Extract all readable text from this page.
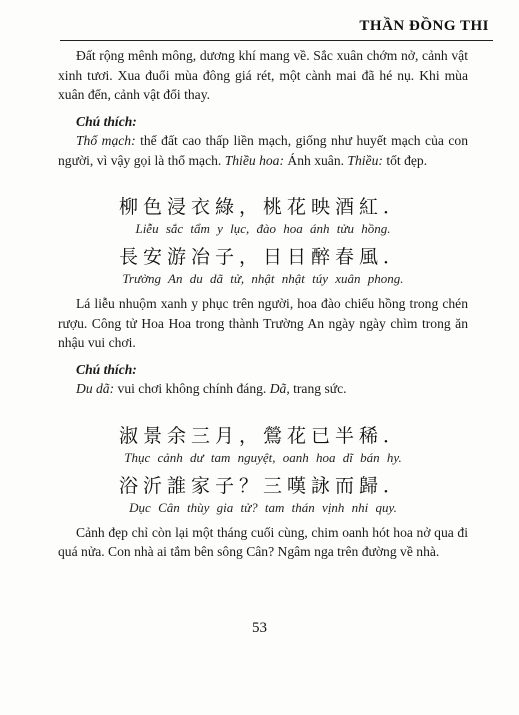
THẦN ĐỒNG THI

Đất rộng mênh mông, dương khí mang về. Sắc xuân chớm nở, cảnh vật xinh tươi. Xua đuổi mùa đông giá rét, một cành mai đã hé nụ. Khi mùa xuân đến, cảnh vật đổi thay.

Chú thích:

Thổ mạch: thế đất cao thấp liền mạch, giống như huyết mạch của con người, vì vậy gọi là thổ mạch. Thiều hoa: Ánh xuân. Thiều: tốt đẹp.

柳色浸衣綠，桃花映酒紅．
Liễu sắc tẩm y lục, đào hoa ánh tửu hồng.
長安游冶子，日日醉春風．
Trường An du dã tử, nhật nhật túy xuân phong.

Lá liễu nhuộm xanh y phục trên người, hoa đào chiếu hồng trong chén rượu. Công tử Hoa Hoa trong thành Trường An ngày ngày chìm trong ăn nhậu vui chơi.

Chú thích:

Du dã: vui chơi không chính đáng. Dã, trang sức.

淑景余三月，鶯花已半稀．
Thục cảnh dư tam nguyệt, oanh hoa dĩ bán hy.
浴沂誰家子？三嘆詠而歸．
Dục Cân thùy gia tử? tam thán vịnh nhi quy.

Cảnh đẹp chỉ còn lại một tháng cuối cùng, chim oanh hót hoa nở qua đi quá nửa. Con nhà ai tắm bên sông Cân? Ngâm nga trên đường về nhà.

53
